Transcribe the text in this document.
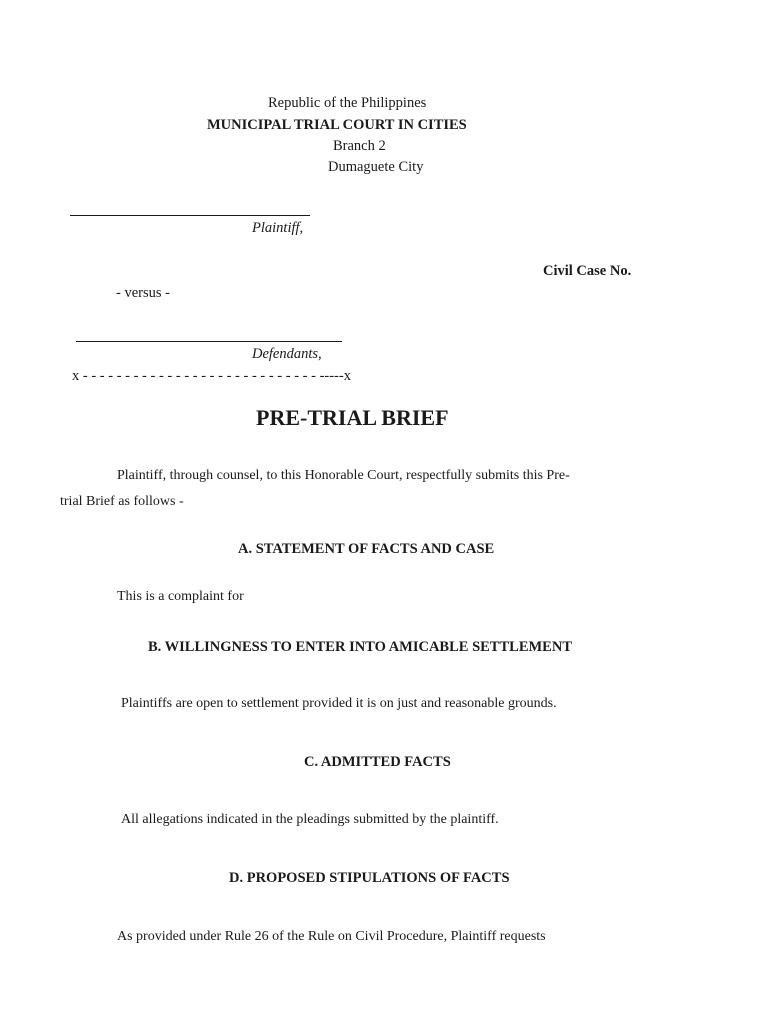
Republic of the Philippines
MUNICIPAL TRIAL COURT IN CITIES
Branch 2
Dumaguete City
Plaintiff,
Civil Case No.
- versus -
Defendants,
x - - - - - - - - - - - - - - - - - - - - - - - - - - - - -----x
PRE-TRIAL BRIEF
Plaintiff, through counsel, to this Honorable Court, respectfully submits this Pre-
trial Brief as follows -
A. STATEMENT OF FACTS AND CASE
This is a complaint for
B. WILLINGNESS TO ENTER INTO AMICABLE SETTLEMENT
Plaintiffs are open to settlement provided it is on just and reasonable grounds.
C. ADMITTED FACTS
All allegations indicated in the pleadings submitted by the plaintiff.
D. PROPOSED STIPULATIONS OF FACTS
As provided under Rule 26 of the Rule on Civil Procedure, Plaintiff requests
